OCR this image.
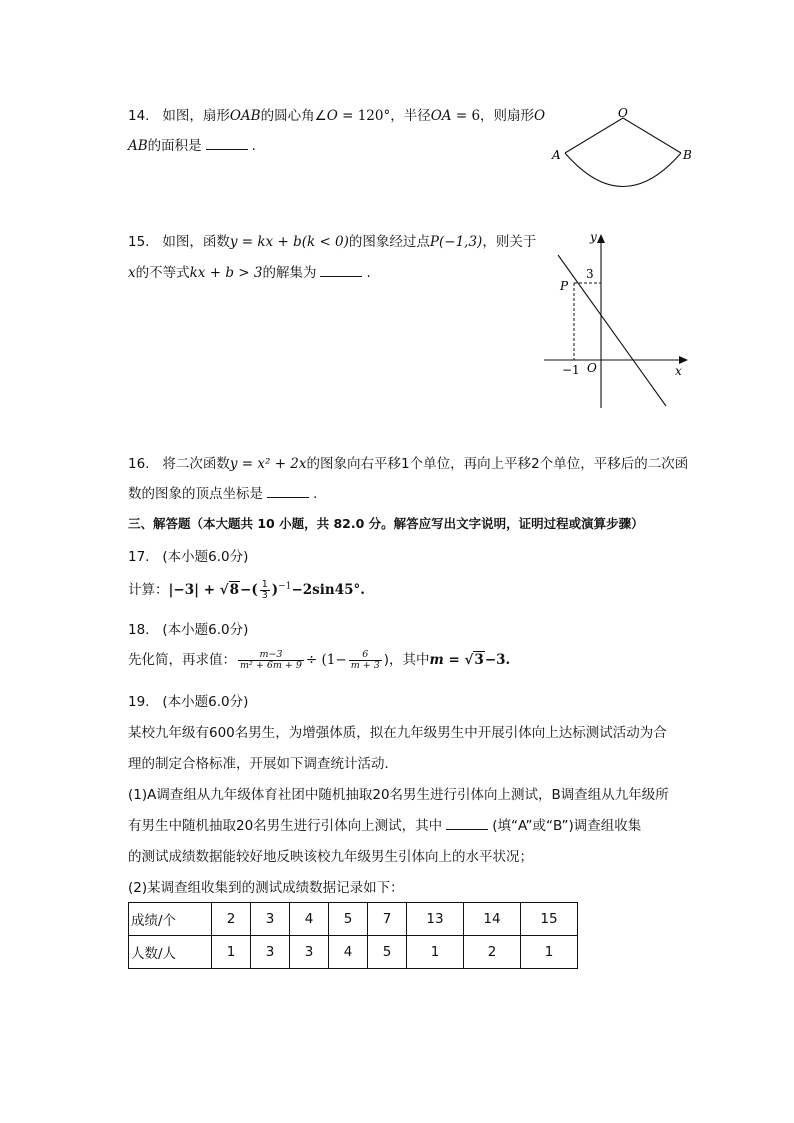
14. 如图，扇形OAB的圆心角∠O = 120°，半径OA = 6，则扇形O
AB的面积是	.
O
A	B
15. 如图，函数y = kx + b(k < 0)的图象经过点P(−1,3)，则关于
x的不等式kx + b > 3的解集为	.
y
x
O
P
3
−1
16. 将二次函数y = x² + 2x的图象向右平移1个单位，再向上平移2个单位，平移后的二次函
数的图象的顶点坐标是	.
三、解答题（本大题共 10 小题，共 82.0 分。解答应写出文字说明，证明过程或演算步骤）
17. (本小题6.0分)
计算：$|-3| + √8-( \frac{1}{3} )^{-1}-2\sin 45^\circ$.
18. (本小题6.0分)
先化简，再求值： $\frac{m-3}{\text{m² + 6m + 9}} \div (1- \frac{6}{m + 3}$ )，其中m = √3−3.
19. (本小题6.0分)
某校九年级有600名男生，为增强体质，拟在九年级男生中开展引体向上达标测试活动为合
理的制定合格标准，开展如下调查统计活动．
(1)A调查组从九年级体育社团中随机抽取20名男生进行引体向上测试，B调查组从九年级所
有男生中随机抽取20名男生进行引体向上测试，其中	(填“A”或“B”)调查组收集
的测试成绩数据能较好地反映该校九年级男生引体向上的水平状况；
(2)某调查组收集到的测试成绩数据记录如下：
成绩/个	2	3	4	5	7	13	14	15
人数/人	1	3	3	4	5	1	2	1
